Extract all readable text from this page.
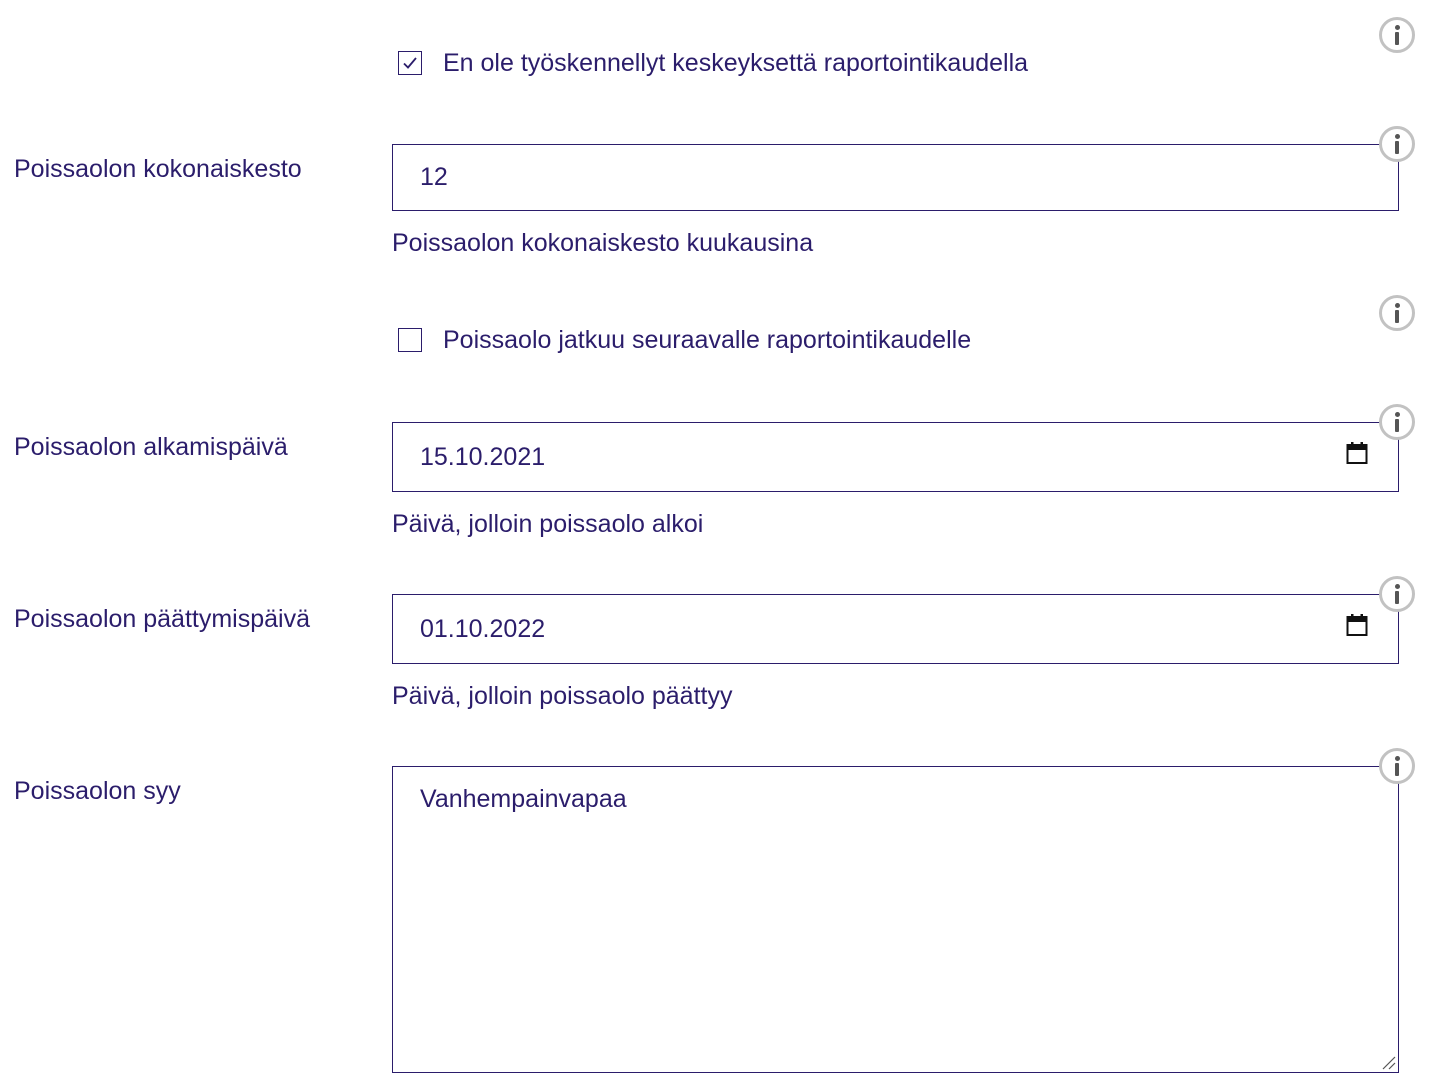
En ole työskennellyt keskeyksettä raportointikaudella
Poissaolon kokonaiskesto	12
Poissaolon kokonaiskesto kuukausina
Poissaolo jatkuu seuraavalle raportointikaudelle
Poissaolon alkamispäivä	15.10.2021
Päivä, jolloin poissaolo alkoi
Poissaolon päättymispäivä	01.10.2022
Päivä, jolloin poissaolo päättyy
Poissaolon syy	Vanhempainvapaa
